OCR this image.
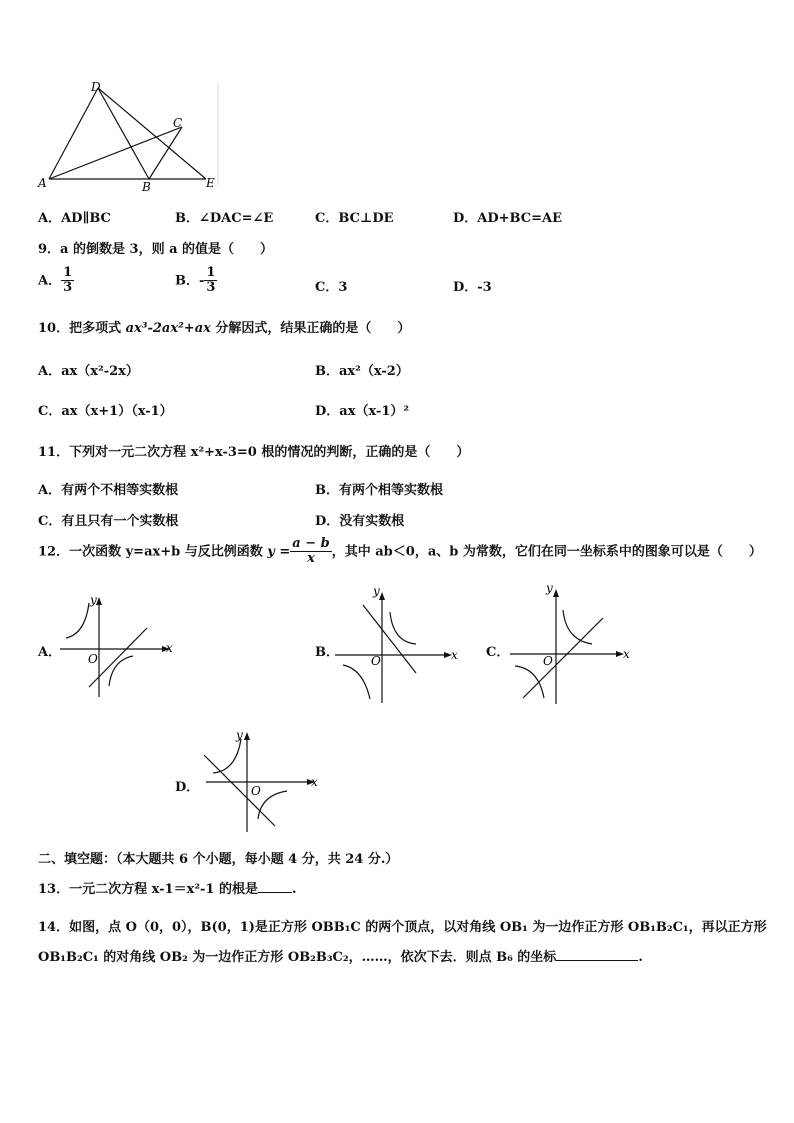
D
C
A	B	E
A．AD∥BC	B．∠DAC=∠E	C．BC⊥DE	D．AD+BC=AE
9．a 的倒数是 3，则 a 的值是（　　）
A． $\frac{1}{3}$	B．- $\frac{1}{3}$	C．3	D．-3
10．把多项式 ax³-2ax²+ax 分解因式，结果正确的是（　　）
A．ax（x²-2x）	B．ax²（x-2）
C．ax（x+1）（x-1）	D．ax（x-1）²
11．下列对一元二次方程 x²+x-3=0 根的情况的判断，正确的是（　　）
A．有两个不相等实数根	B．有两个相等实数根
C．有且只有一个实数根	D．没有实数根
12．一次函数 y=ax+b 与反比例函数 $y = \frac{a - b}{x}$ ，其中 ab＜0，a、b 为常数，它们在同一坐标系中的图象可以是（　　）
A．	x
y
O	B．	x
y
O
C．	x
y
O
D．	x
y
O
二、填空题：（本大题共 6 个小题，每小题 4 分，共 24 分.）
13．一元二次方程 x-1＝x²-1 的根是	.
14．如图，点 O（0，0），B(0，1)是正方形 OBB₁C 的两个顶点，以对角线 OB₁ 为一边作正方形 OB₁B₂C₁，再以正方形
OB₁B₂C₁ 的对角线 OB₂ 为一边作正方形 OB₂B₃C₂，……，依次下去．则点 B₆ 的坐标	.
